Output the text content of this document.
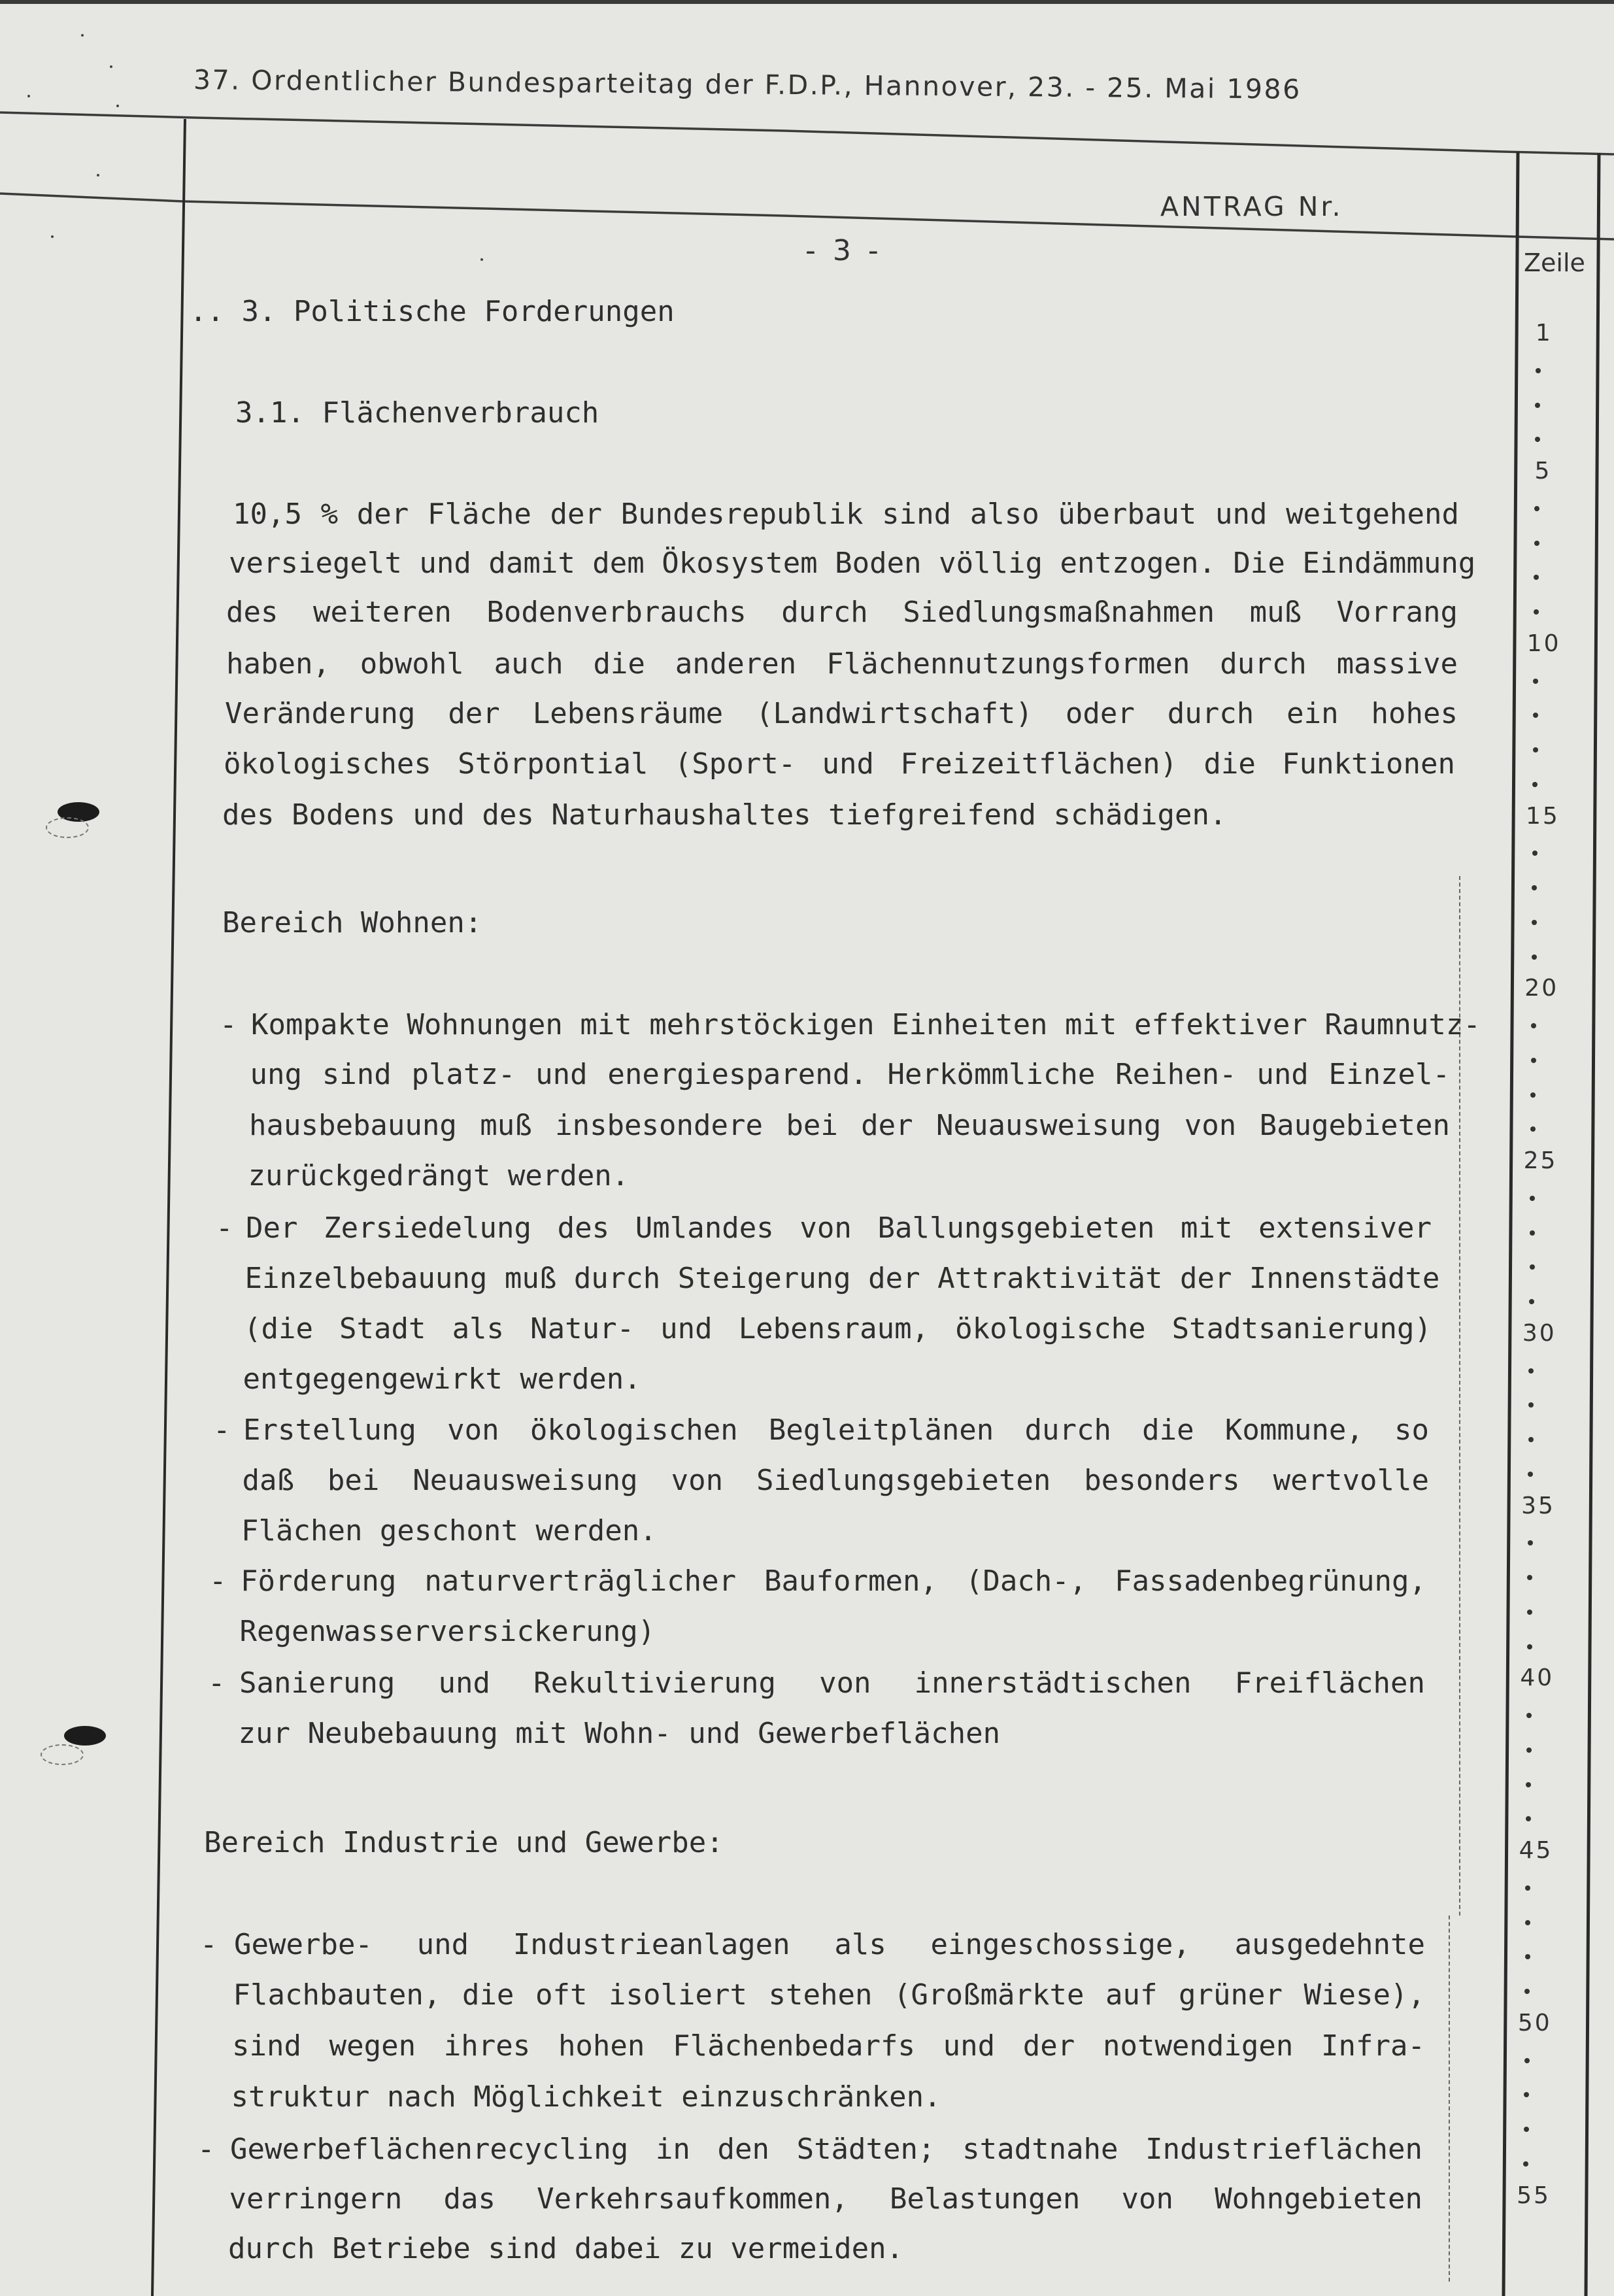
37. Ordentlicher Bundesparteitag der F.D.P., Hannover, 23. - 25. Mai 1986
ANTRAG Nr.
- 3 -	Zeile
1
5
10
15
20
25
30
35
40
45
50
55
.. 3. Politische Forderungen
3.1. Flächenverbrauch
10,5 % der Fläche der Bundesrepublik sind also überbaut und weitgehend
versiegelt und damit dem Ökosystem Boden völlig entzogen. Die Eindämmung
des weiteren Bodenverbrauchs durch Siedlungsmaßnahmen muß Vorrang
haben, obwohl auch die anderen Flächennutzungsformen durch massive
Veränderung der Lebensräume (Landwirtschaft) oder durch ein hohes
ökologisches Störpontial (Sport- und Freizeitflächen) die Funktionen
des Bodens und des Naturhaushaltes tiefgreifend schädigen.
Bereich Wohnen:
- Kompakte Wohnungen mit mehrstöckigen Einheiten mit effektiver Raumnutz-
ung sind platz- und energiesparend. Herkömmliche Reihen- und Einzel-
hausbebauung muß insbesondere bei der Neuausweisung von Baugebieten
zurückgedrängt werden.
- Der Zersiedelung des Umlandes von Ballungsgebieten mit extensiver
Einzelbebauung muß durch Steigerung der Attraktivität der Innenstädte
(die Stadt als Natur- und Lebensraum, ökologische Stadtsanierung)
entgegengewirkt werden.
- Erstellung von ökologischen Begleitplänen durch die Kommune, so
daß bei Neuausweisung von Siedlungsgebieten besonders wertvolle
Flächen geschont werden.
- Förderung naturverträglicher Bauformen, (Dach-, Fassadenbegrünung,
Regenwasserversickerung)
- Sanierung und Rekultivierung von innerstädtischen Freiflächen
zur Neubebauung mit Wohn- und Gewerbeflächen
Bereich Industrie und Gewerbe:
- Gewerbe- und Industrieanlagen als eingeschossige, ausgedehnte
Flachbauten, die oft isoliert stehen (Großmärkte auf grüner Wiese),
sind wegen ihres hohen Flächenbedarfs und der notwendigen Infra-
struktur nach Möglichkeit einzuschränken.
- Gewerbeflächenrecycling in den Städten; stadtnahe Industrieflächen
verringern das Verkehrsaufkommen, Belastungen von Wohngebieten
durch Betriebe sind dabei zu vermeiden.
